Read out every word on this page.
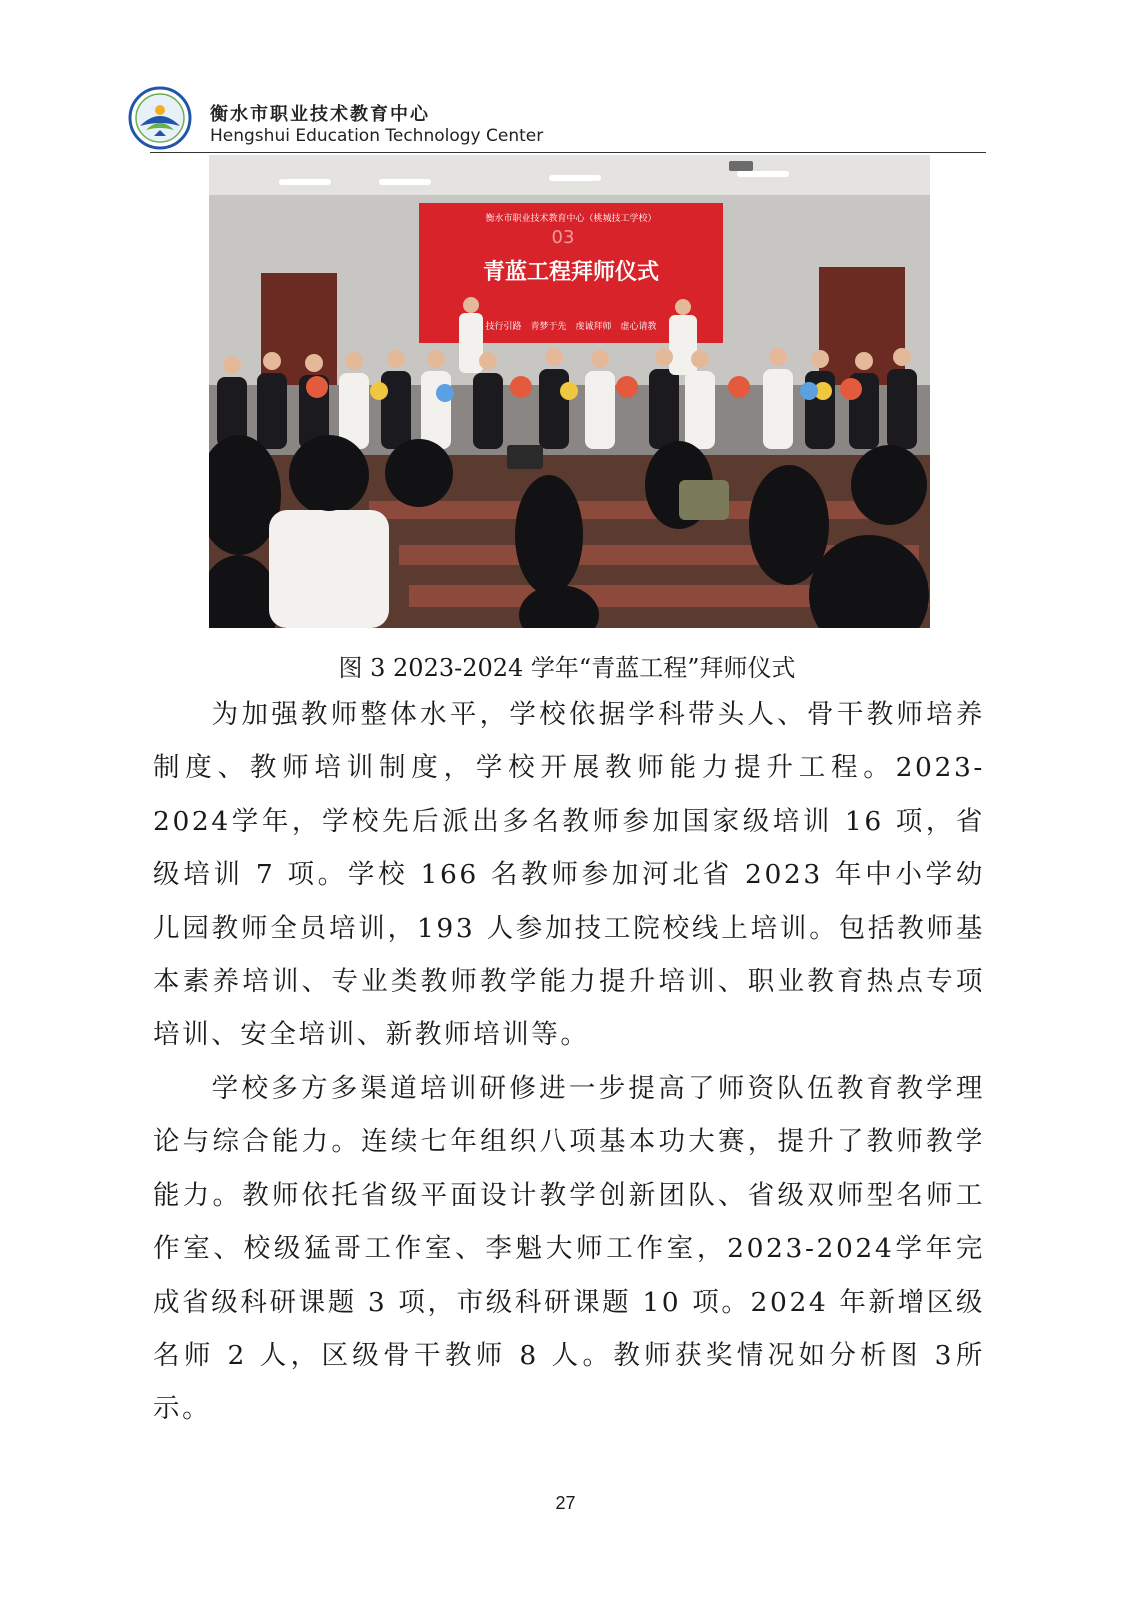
衡水市职业技术教育中心
Hengshui Education Technology Center
衡水市职业技术教育中心（桃城技工学校）
03
青蓝工程拜师仪式
技行引路　青梦于先　虔诚拜师　虚心请教
图 3 2023-2024 学年“青蓝工程”拜师仪式

为加强教师整体水平，学校依据学科带头人、骨干教师培养制度、教师培训制度，学校开展教师能力提升工程。2023-2024学年，学校先后派出多名教师参加国家级培训 16 项，省级培训 7 项。学校 166 名教师参加河北省 2023 年中小学幼儿园教师全员培训，193 人参加技工院校线上培训。包括教师基本素养培训、专业类教师教学能力提升培训、职业教育热点专项培训、安全培训、新教师培训等。

学校多方多渠道培训研修进一步提高了师资队伍教育教学理论与综合能力。连续七年组织八项基本功大赛，提升了教师教学能力。教师依托省级平面设计教学创新团队、省级双师型名师工作室、校级猛哥工作室、李魁大师工作室，2023-2024学年完成省级科研课题 3 项，市级科研课题 10 项。2024 年新增区级名师 2 人，区级骨干教师 8 人。教师获奖情况如分析图 3所示。

27
